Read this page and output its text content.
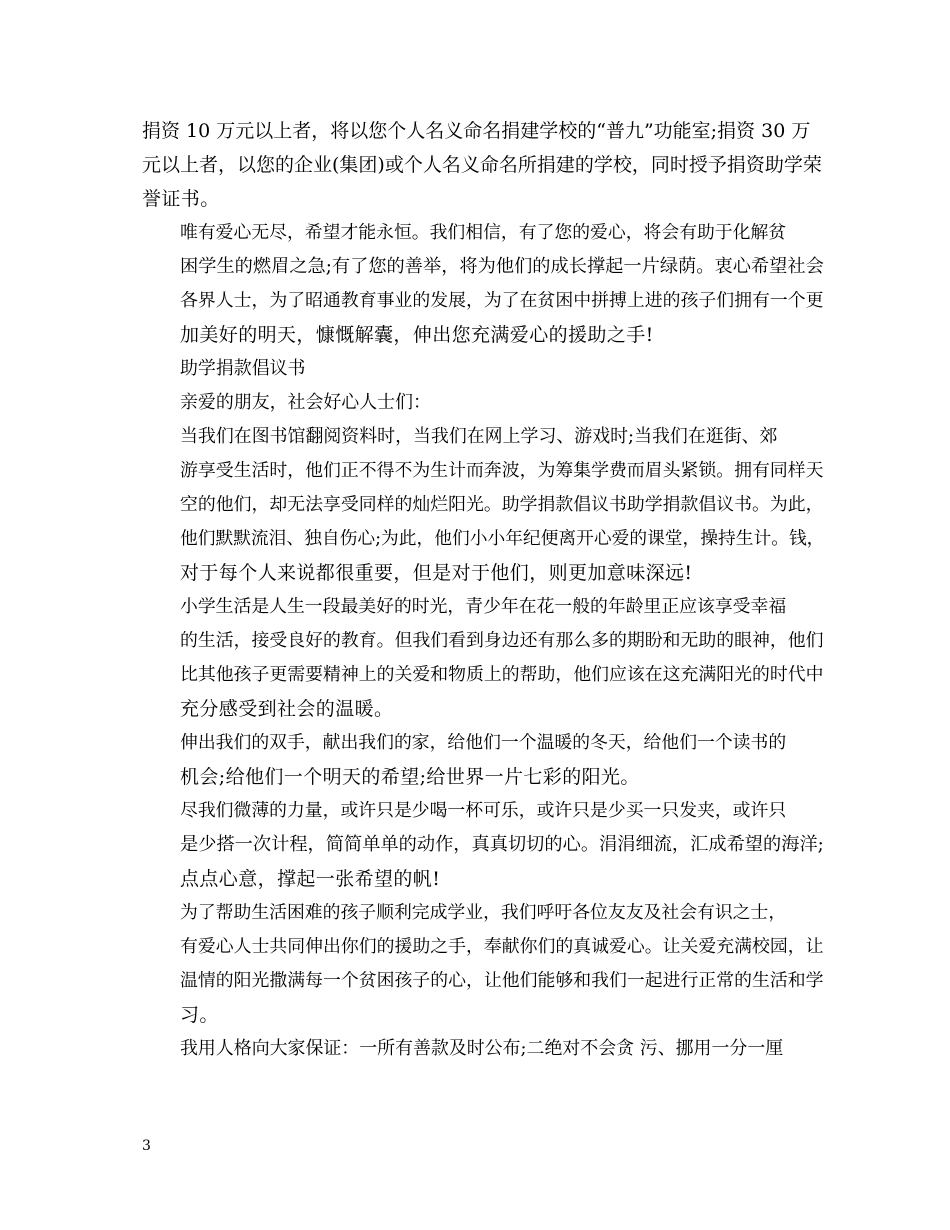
捐资 10 万元以上者，将以您个人名义命名捐建学校的“普九”功能室;捐资 30 万
元以上者，以您的企业(集团)或个人名义命名所捐建的学校，同时授予捐资助学荣
誉证书。

唯有爱心无尽，希望才能永恒。我们相信，有了您的爱心，将会有助于化解贫
困学生的燃眉之急;有了您的善举，将为他们的成长撑起一片绿荫。衷心希望社会
各界人士，为了昭通教育事业的发展，为了在贫困中拼搏上进的孩子们拥有一个更
加美好的明天，慷慨解囊，伸出您充满爱心的援助之手!

助学捐款倡议书

亲爱的朋友，社会好心人士们：

当我们在图书馆翻阅资料时，当我们在网上学习、游戏时;当我们在逛街、郊
游享受生活时，他们正不得不为生计而奔波，为筹集学费而眉头紧锁。拥有同样天
空的他们，却无法享受同样的灿烂阳光。助学捐款倡议书助学捐款倡议书。为此，
他们默默流泪、独自伤心;为此，他们小小年纪便离开心爱的课堂，操持生计。钱，
对于每个人来说都很重要，但是对于他们，则更加意味深远!

小学生活是人生一段最美好的时光，青少年在花一般的年龄里正应该享受幸福
的生活，接受良好的教育。但我们看到身边还有那么多的期盼和无助的眼神，他们
比其他孩子更需要精神上的关爱和物质上的帮助，他们应该在这充满阳光的时代中
充分感受到社会的温暖。

伸出我们的双手，献出我们的家，给他们一个温暖的冬天，给他们一个读书的
机会;给他们一个明天的希望;给世界一片七彩的阳光。

尽我们微薄的力量，或许只是少喝一杯可乐，或许只是少买一只发夹，或许只
是少搭一次计程，简简单单的动作，真真切切的心。涓涓细流，汇成希望的海洋;
点点心意，撑起一张希望的帆!

为了帮助生活困难的孩子顺利完成学业，我们呼吁各位友友及社会有识之士，
有爱心人士共同伸出你们的援助之手，奉献你们的真诚爱心。让关爱充满校园，让
温情的阳光撒满每一个贫困孩子的心，让他们能够和我们一起进行正常的生活和学
习。

我用人格向大家保证：一所有善款及时公布;二绝对不会贪 污、挪用一分一厘

3
